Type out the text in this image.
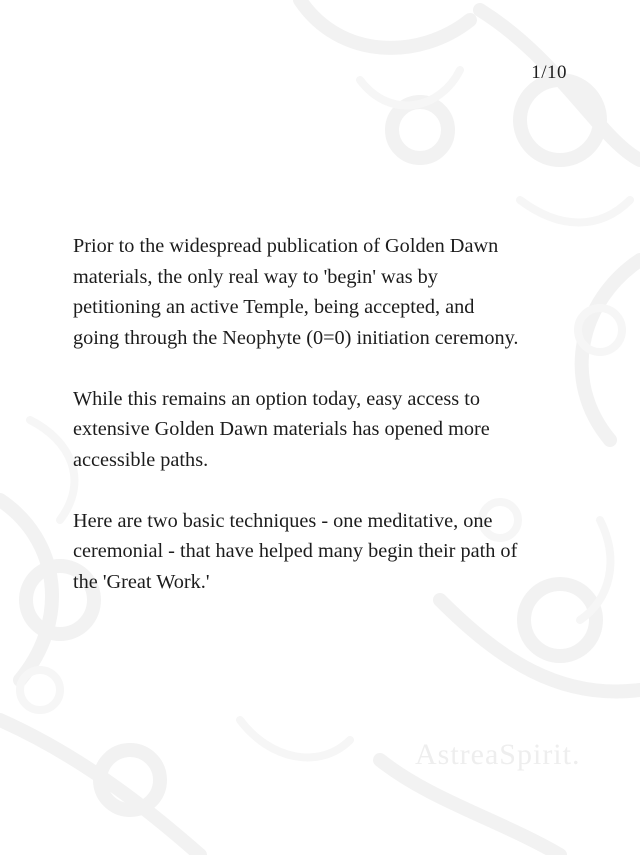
1/10

Prior to the widespread publication of Golden Dawn
materials, the only real way to 'begin' was by
petitioning an active Temple, being accepted, and
going through the Neophyte (0=0) initiation ceremony.

While this remains an option today, easy access to
extensive Golden Dawn materials has opened more
accessible paths.

Here are two basic techniques - one meditative, one
ceremonial - that have helped many begin their path of
the 'Great Work.'

AstreaSpirit.
